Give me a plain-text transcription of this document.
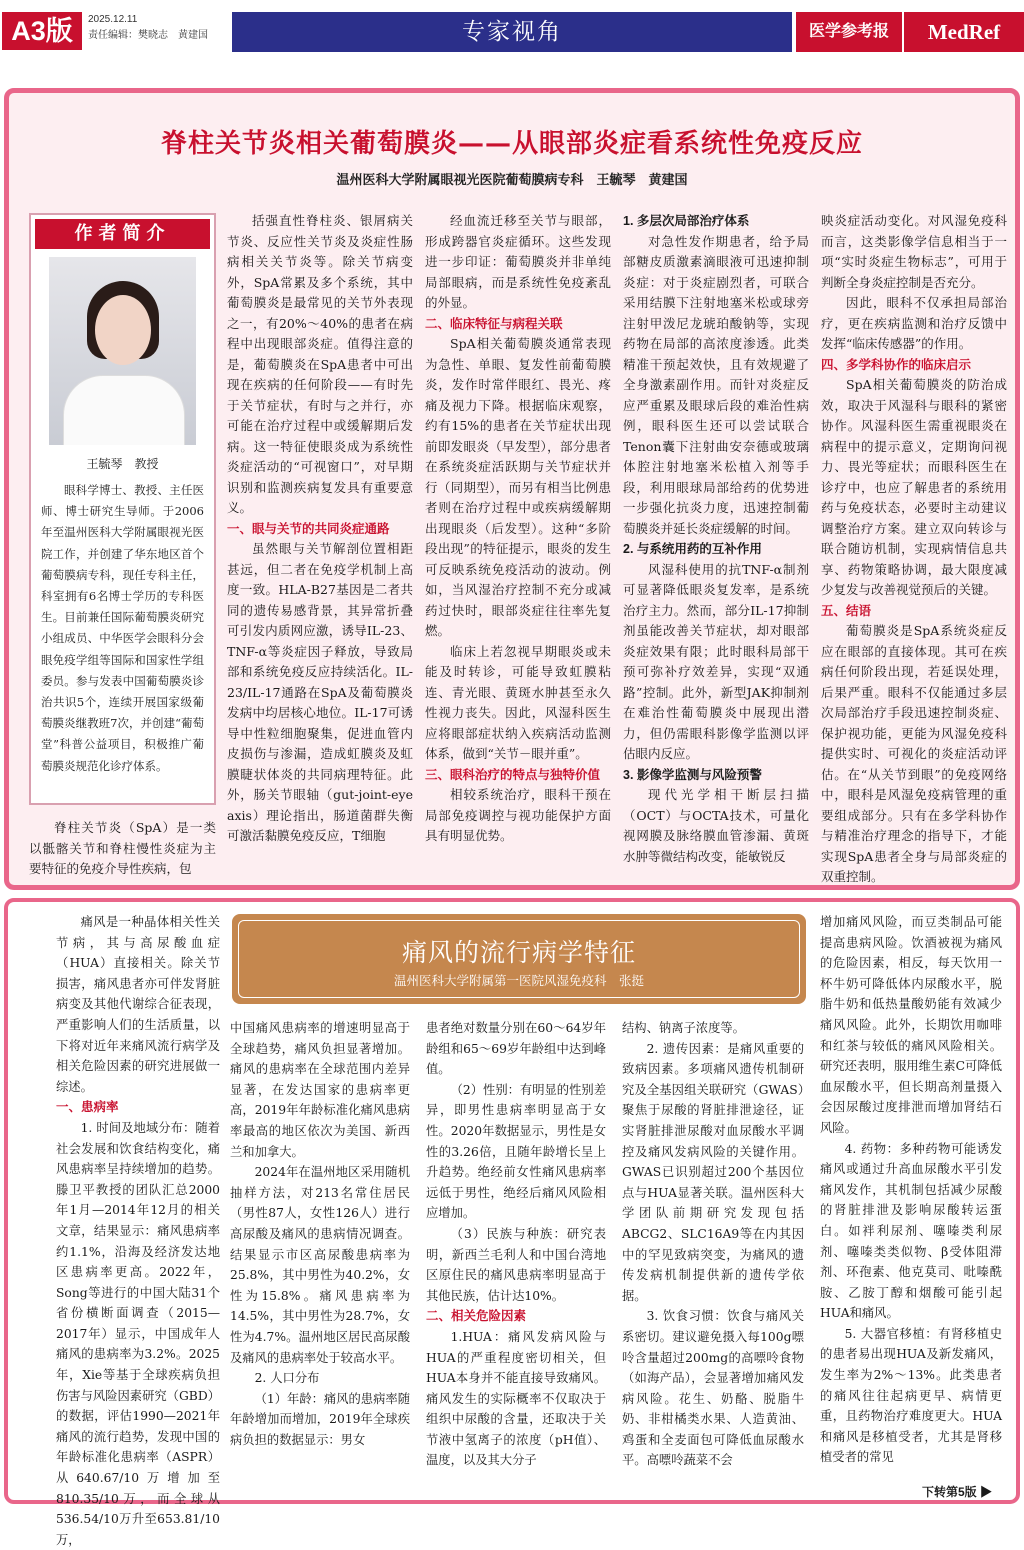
A3版	2025.12.11
责任编辑：樊晓志　黄建国	专家视角	医学参考报	MedRef
脊柱关节炎相关葡萄膜炎——从眼部炎症看系统性免疫反应
温州医科大学附属眼视光医院葡萄膜病专科　王毓琴　黄建国
作者简介
王毓琴　教授
眼科学博士、教授、主任医师、博士研究生导师。于2006年至温州医科大学附属眼视光医院工作，并创建了华东地区首个葡萄膜病专科，现任专科主任，科室拥有6名博士学历的专科医生。目前兼任国际葡萄膜炎研究小组成员、中华医学会眼科分会眼免疫学组等国际和国家性学组委员。参与发表中国葡萄膜炎诊治共识5个，连续开展国家级葡萄膜炎继教班7次，并创建“葡萄堂”科普公益项目，积极推广葡萄膜炎规范化诊疗体系。

脊柱关节炎（SpA）是一类以骶髂关节和脊柱慢性炎症为主要特征的免疫介导性疾病，包

括强直性脊柱炎、银屑病关节炎、反应性关节炎及炎症性肠病相关关节炎等。除关节病变外，SpA常累及多个系统，其中葡萄膜炎是最常见的关节外表现之一，有20%～40%的患者在病程中出现眼部炎症。值得注意的是，葡萄膜炎在SpA患者中可出现在疾病的任何阶段——有时先于关节症状，有时与之并行，亦可能在治疗过程中或缓解期后发病。这一特征使眼炎成为系统性炎症活动的“可视窗口”，对早期识别和监测疾病复发具有重要意义。

一、眼与关节的共同炎症通路

虽然眼与关节解剖位置相距甚远，但二者在免疫学机制上高度一致。HLA-B27基因是二者共同的遗传易感背景，其异常折叠可引发内质网应激，诱导IL-23、TNF-α等炎症因子释放，导致局部和系统免疫反应持续活化。IL-23/IL-17通路在SpA及葡萄膜炎发病中均居核心地位。IL-17可诱导中性粒细胞聚集，促进血管内皮损伤与渗漏，造成虹膜炎及虹膜睫状体炎的共同病理特征。此外，肠关节眼轴（gut-joint-eye axis）理论指出，肠道菌群失衡可激活黏膜免疫反应，T细胞

经血流迁移至关节与眼部，形成跨器官炎症循环。这些发现进一步印证：葡萄膜炎并非单纯局部眼病，而是系统性免疫紊乱的外显。

二、临床特征与病程关联

SpA相关葡萄膜炎通常表现为急性、单眼、复发性前葡萄膜炎，发作时常伴眼红、畏光、疼痛及视力下降。根据临床观察，约有15%的患者在关节症状出现前即发眼炎（早发型），部分患者在系统炎症活跃期与关节症状并行（同期型），而另有相当比例患者则在治疗过程中或疾病缓解期出现眼炎（后发型）。这种“多阶段出现”的特征提示，眼炎的发生可反映系统免疫活动的波动。例如，当风湿治疗控制不充分或减药过快时，眼部炎症往往率先复燃。

临床上若忽视早期眼炎或未能及时转诊，可能导致虹膜粘连、青光眼、黄斑水肿甚至永久性视力丧失。因此，风湿科医生应将眼部症状纳入疾病活动监测体系，做到“关节－眼并重”。

三、眼科治疗的特点与独特价值

相较系统治疗，眼科干预在局部免疫调控与视功能保护方面具有明显优势。

1. 多层次局部治疗体系

对急性发作期患者，给予局部糖皮质激素滴眼液可迅速抑制炎症：对于炎症剧烈者，可联合采用结膜下注射地塞米松或球旁注射甲泼尼龙琥珀酸钠等，实现药物在局部的高浓度渗透。此类精准干预起效快，且有效规避了全身激素副作用。而针对炎症反应严重累及眼球后段的难治性病例，眼科医生还可以尝试联合Tenon囊下注射曲安奈德或玻璃体腔注射地塞米松植入剂等手段，利用眼球局部给药的优势进一步强化抗炎力度，迅速控制葡萄膜炎并延长炎症缓解的时间。

2. 与系统用药的互补作用

风湿科使用的抗TNF-α制剂可显著降低眼炎复发率，是系统治疗主力。然而，部分IL-17抑制剂虽能改善关节症状，却对眼部炎症效果有限；此时眼科局部干预可弥补疗效差异，实现“双通路”控制。此外，新型JAK抑制剂在难治性葡萄膜炎中展现出潜力，但仍需眼科影像学监测以评估眼内反应。

3. 影像学监测与风险预警

现代光学相干断层扫描（OCT）与OCTA技术，可量化视网膜及脉络膜血管渗漏、黄斑水肿等微结构改变，能敏锐反

映炎症活动变化。对风湿免疫科而言，这类影像学信息相当于一项“实时炎症生物标志”，可用于判断全身炎症控制是否充分。

因此，眼科不仅承担局部治疗，更在疾病监测和治疗反馈中发挥“临床传感器”的作用。

四、多学科协作的临床启示

SpA相关葡萄膜炎的防治成效，取决于风湿科与眼科的紧密协作。风湿科医生需重视眼炎在病程中的提示意义，定期询问视力、畏光等症状；而眼科医生在诊疗中，也应了解患者的系统用药与免疫状态，必要时主动建议调整治疗方案。建立双向转诊与联合随访机制，实现病情信息共享、药物策略协调，最大限度减少复发与改善视觉预后的关键。

五、结语

葡萄膜炎是SpA系统炎症反应在眼部的直接体现。其可在疾病任何阶段出现，若延误处理，后果严重。眼科不仅能通过多层次局部治疗手段迅速控制炎症、保护视功能，更能为风湿免疫科提供实时、可视化的炎症活动评估。在“从关节到眼”的免疫网络中，眼科是风湿免疫病管理的重要组成部分。只有在多学科协作与精准治疗理念的指导下，才能实现SpA患者全身与局部炎症的双重控制。

痛风的流行病学特征
温州医科大学附属第一医院风湿免疫科　张挺

痛风是一种晶体相关性关节病，其与高尿酸血症（HUA）直接相关。除关节损害，痛风患者亦可伴发肾脏病变及其他代谢综合征表现，严重影响人们的生活质量，以下将对近年来痛风流行病学及相关危险因素的研究进展做一综述。

一、患病率

1. 时间及地域分布：随着社会发展和饮食结构变化，痛风患病率呈持续增加的趋势。滕卫平教授的团队汇总2000年1月—2014年12月的相关文章，结果显示：痛风患病率约1.1%，沿海及经济发达地区患病率更高。2022年，Song等进行的中国大陆31个省份横断面调查（2015—2017年）显示，中国成年人痛风的患病率为3.2%。2025年，Xie等基于全球疾病负担伤害与风险因素研究（GBD）的数据，评估1990—2021年痛风的流行趋势，发现中国的年龄标准化患病率（ASPR）从640.67/10万增加至810.35/10万，而全球从536.54/10万升至653.81/10万，

中国痛风患病率的增速明显高于全球趋势，痛风负担显著增加。痛风的患病率在全球范围内差异显著，在发达国家的患病率更高，2019年年龄标准化痛风患病率最高的地区依次为美国、新西兰和加拿大。

2024年在温州地区采用随机抽样方法，对213名常住居民（男性87人，女性126人）进行高尿酸及痛风的患病情况调查。结果显示市区高尿酸患病率为25.8%，其中男性为40.2%，女性为15.8%。痛风患病率为14.5%，其中男性为28.7%，女性为4.7%。温州地区居民高尿酸及痛风的患病率处于较高水平。

2. 人口分布

（1）年龄：痛风的患病率随年龄增加而增加，2019年全球疾病负担的数据显示：男女

患者绝对数量分别在60～64岁年龄组和65～69岁年龄组中达到峰值。

（2）性别：有明显的性别差异，即男性患病率明显高于女性。2020年数据显示，男性是女性的3.26倍，且随年龄增长呈上升趋势。绝经前女性痛风患病率远低于男性，绝经后痛风风险相应增加。

（3）民族与种族：研究表明，新西兰毛利人和中国台湾地区原住民的痛风患病率明显高于其他民族，估计达10%。

二、相关危险因素

1.HUA：痛风发病风险与HUA的严重程度密切相关，但HUA本身并不能直接导致痛风。痛风发生的实际概率不仅取决于组织中尿酸的含量，还取决于关节液中氢离子的浓度（pH值）、温度，以及其大分子

结构、钠离子浓度等。

2. 遗传因素：是痛风重要的致病因素。多项痛风遗传机制研究及全基因组关联研究（GWAS）聚焦于尿酸的肾脏排泄途径，证实肾脏排泄尿酸对血尿酸水平调控及痛风发病风险的关键作用。GWAS已识别超过200个基因位点与HUA显著关联。温州医科大学团队前期研究发现包括ABCG2、SLC16A9等在内其因中的罕见致病突变，为痛风的遗传发病机制提供新的遗传学依据。

3. 饮食习惯：饮食与痛风关系密切。建议避免摄入每100g嘌呤含量超过200mg的高嘌呤食物（如海产品），会显著增加痛风发病风险。花生、奶酪、脱脂牛奶、非柑橘类水果、人造黄油、鸡蛋和全麦面包可降低血尿酸水平。高嘌呤蔬菜不会

增加痛风风险，而豆类制品可能提高患病风险。饮酒被视为痛风的危险因素，相反，每天饮用一杯牛奶可降低体内尿酸水平，脱脂牛奶和低热量酸奶能有效减少痛风风险。此外，长期饮用咖啡和红茶与较低的痛风风险相关。研究还表明，服用维生素C可降低血尿酸水平，但长期高剂量摄入会因尿酸过度排泄而增加肾结石风险。

4. 药物：多种药物可能诱发痛风或通过升高血尿酸水平引发痛风发作，其机制包括减少尿酸的肾脏排泄及影响尿酸转运蛋白。如袢利尿剂、噻嗪类利尿剂、噻嗪类类似物、β受体阻滞剂、环孢素、他克莫司、吡嗪酰胺、乙胺丁醇和烟酸可能引起HUA和痛风。

5. 大器官移植：有肾移植史的患者易出现HUA及新发痛风，发生率为2%～13%。此类患者的痛风往往起病更早、病情更重，且药物治疗难度更大。HUA和痛风是移植受者，尤其是肾移植受者的常见

下转第5版 ▶
